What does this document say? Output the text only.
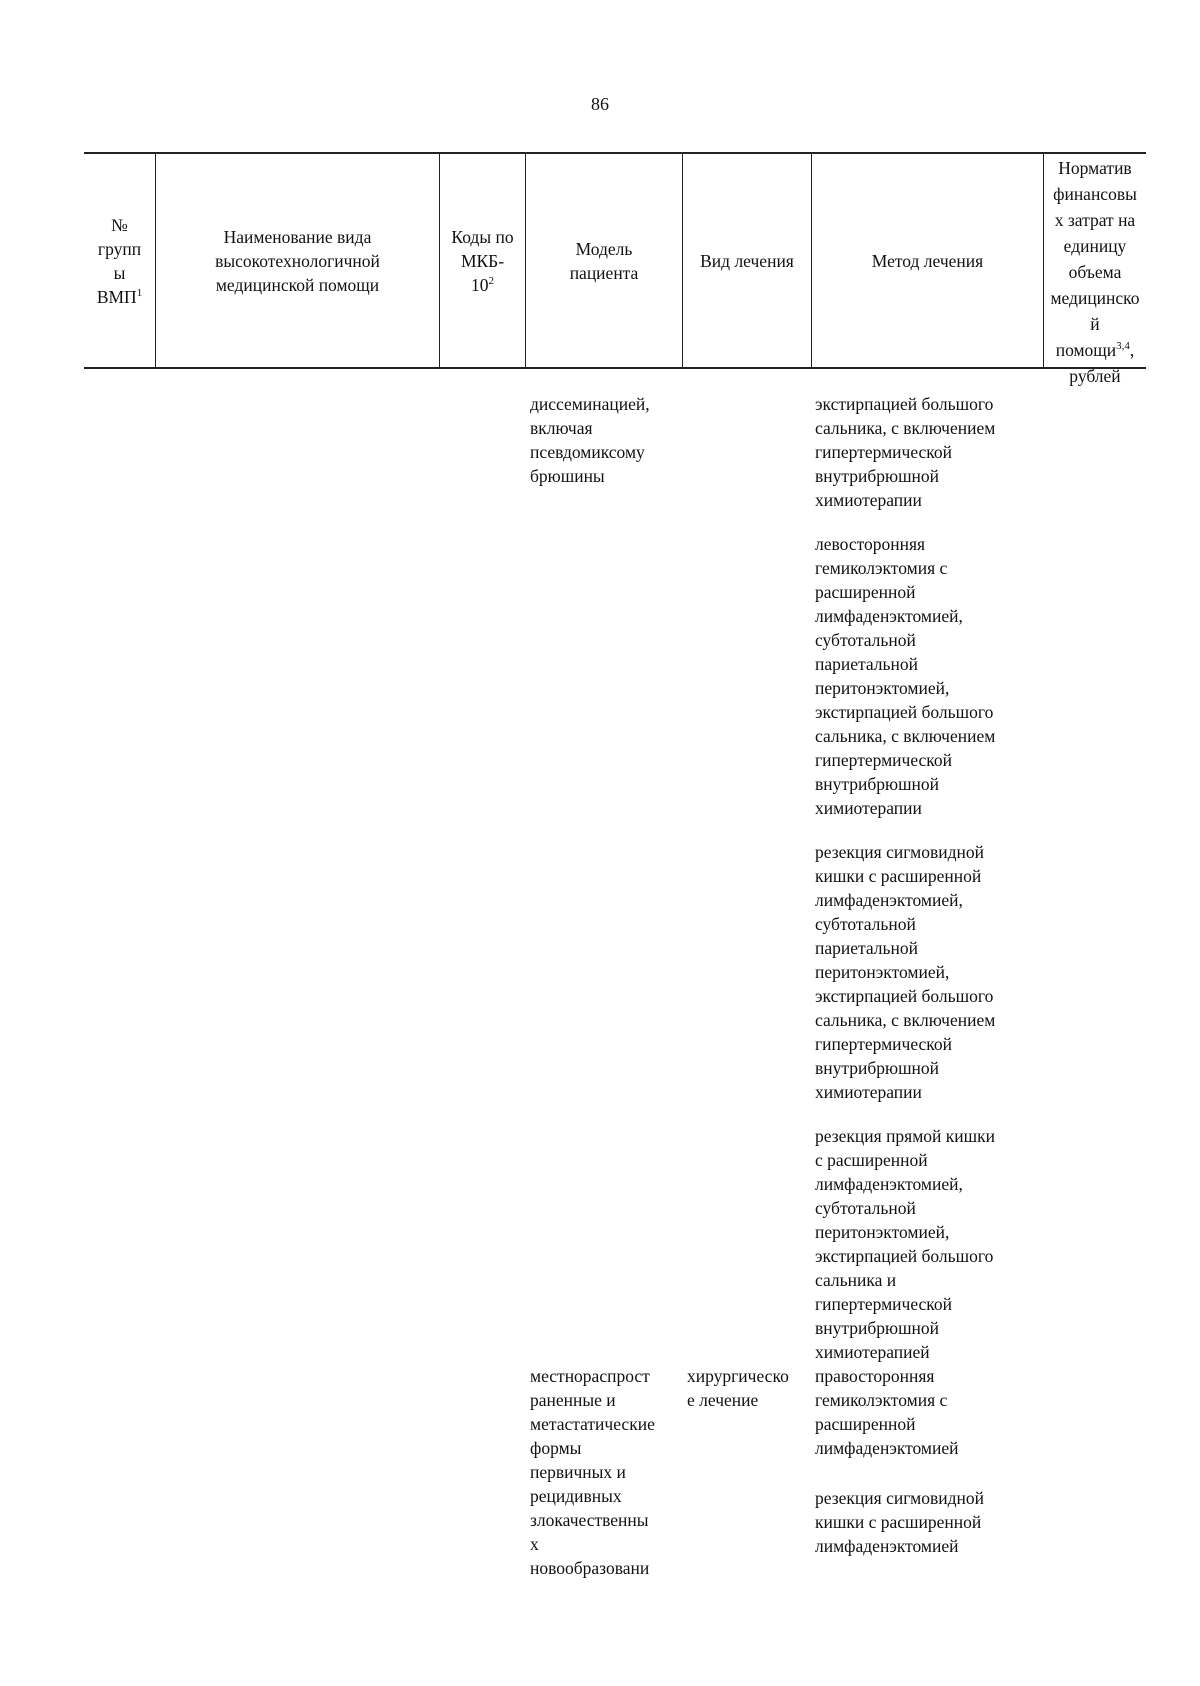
86
№
групп
ы
ВМП$^1$
Наименование вида
высокотехнологичной
медицинской помощи
Коды по
МКБ-
$10^2$
Модель
пациента
Вид лечения	Метод лечения
Норматив
финансовы
х затрат на
единицу
объема
медицинско
й
помощи$^{3,4}$,
рублей
диссеминацией,
включая
псевдомиксому
брюшины
экстирпацией большого
сальника, с включением
гипертермической
внутрибрюшной
химиотерапии
левосторонняя
гемиколэктомия с
расширенной
лимфаденэктомией,
субтотальной
париетальной
перитонэктомией,
экстирпацией большого
сальника, с включением
гипертермической
внутрибрюшной
химиотерапии
резекция сигмовидной
кишки с расширенной
лимфаденэктомией,
субтотальной
париетальной
перитонэктомией,
экстирпацией большого
сальника, с включением
гипертермической
внутрибрюшной
химиотерапии
резекция прямой кишки
с расширенной
лимфаденэктомией,
субтотальной
перитонэктомией,
экстирпацией большого
сальника и
гипертермической
внутрибрюшной
химиотерапией
местнораспрост
раненные и
метастатические
формы
первичных и
рецидивных
злокачественны
х
новообразовани
хирургическо
е лечение
правосторонняя
гемиколэктомия с
расширенной
лимфаденэктомией
резекция сигмовидной
кишки с расширенной
лимфаденэктомией
